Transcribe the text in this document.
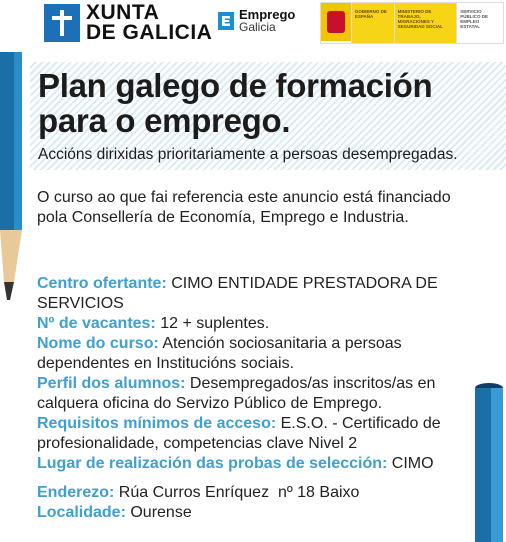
XUNTA
DE GALICIA
Emprego
Galicia
GOBIERNO DE ESPAÑA
MINISTERIO DE TRABAJO, MIGRACIONES Y SEGURIDAD SOCIAL
SERVICIO PÚBLICO DE EMPLEO ESTATAL
Plan galego de formación para o emprego.

Accións dirixidas prioritariamente a persoas desempregadas.

O curso ao que fai referencia este anuncio está financiado pola Consellería de Economía, Emprego e Industria.

Centro ofertante: CIMO ENTIDADE PRESTADORA DE SERVICIOS

Nº de vacantes: 12 + suplentes.

Nome do curso: Atención sociosanitaria a persoas dependentes en Institucións sociais.

Perfil dos alumnos: Desempregados/as inscritos/as en calquera oficina do Servizo Público de Emprego.

Requisitos mínimos de acceso: E.S.O. - Certificado de profesionalidade, competencias clave Nivel 2

Lugar de realización das probas de selección: CIMO

Enderezo: Rúa Curros Enríquez  nº 18 Baixo

Localidade: Ourense
